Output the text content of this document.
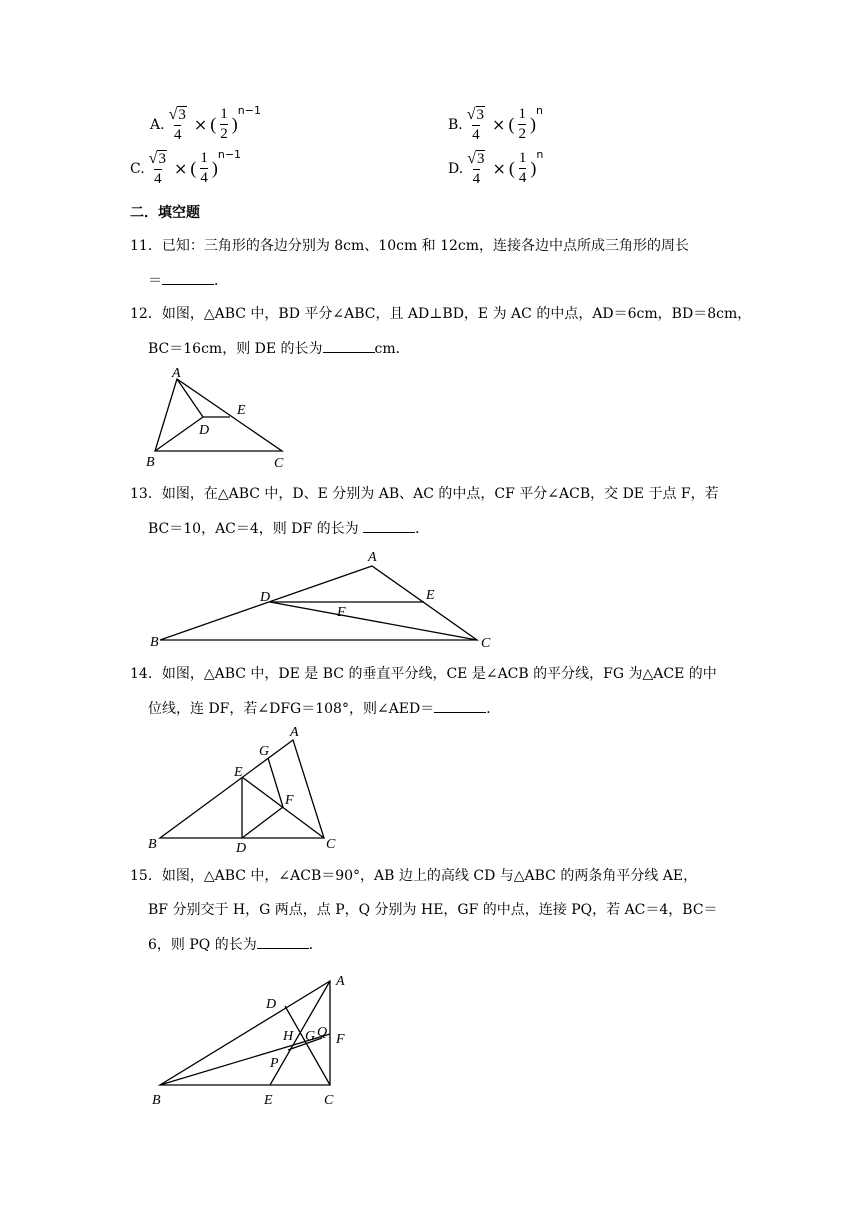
A. $\frac{√ 3}{4}$ × ( $\frac{1}{2}$ )
n−1
B. $\frac{√ 3}{4}$ × ( $\frac{1}{2}$ )
n
C. $\frac{√ 3}{4}$ × ( $\frac{1}{4}$ )
n−1
D. $\frac{√ 3}{4}$ × ( $\frac{1}{4}$ )
n
二．填空题
11．已知：三角形的各边分别为 8cm、10cm 和 12cm，连接各边中点所成三角形的周长
＝	．
12．如图，△ABC 中，BD 平分∠ABC，且 AD⊥BD，E 为 AC 的中点，AD＝6cm，BD＝8cm，
BC＝16cm，则 DE 的长为	cm．
A
B	C
D
E
13．如图，在△ABC 中，D、E 分别为 AB、AC 的中点，CF 平分∠ACB，交 DE 于点 F，若
BC＝10，AC＝4，则 DF 的长为	．
A
B	C
D	E
F
14．如图，△ABC 中，DE 是 BC 的垂直平分线，CE 是∠ACB 的平分线，FG 为△ACE 的中
位线，连 DF，若∠DFG＝108°，则∠AED＝	．
A
B	C
D
E
F
G
15．如图，△ABC 中，∠ACB＝90°，AB 边上的高线 CD 与△ABC 的两条角平分线 AE，
BF 分别交于 H，G 两点，点 P，Q 分别为 HE，GF 的中点，连接 PQ，若 AC＝4，BC＝
6，则 PQ 的长为	．
A
B	C
D
E
F
G
H
P
Q
